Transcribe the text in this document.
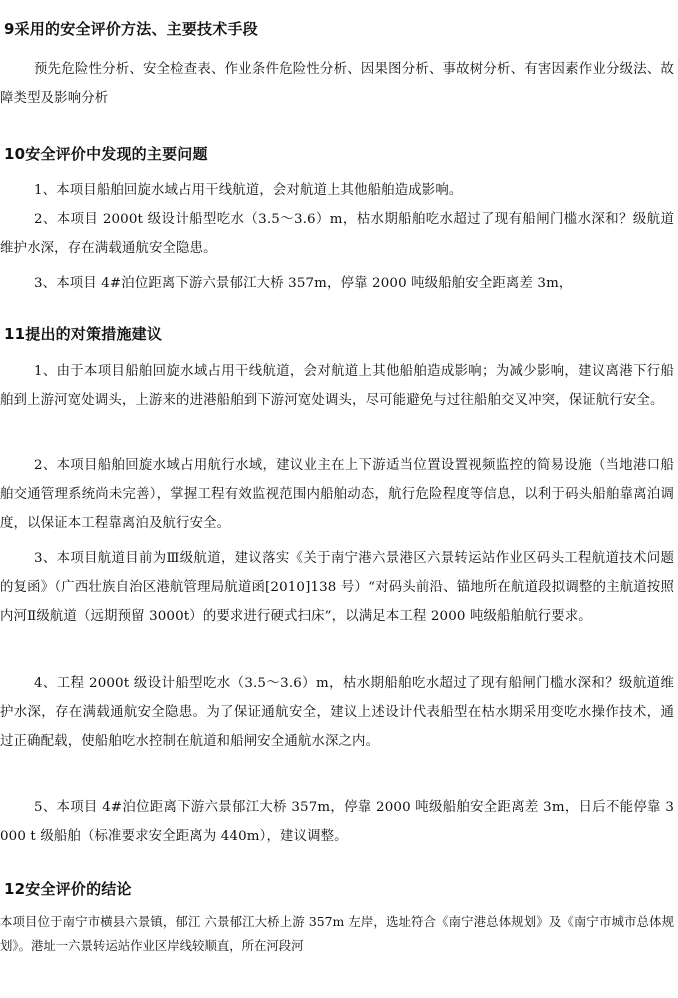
9采用的安全评价方法、主要技术手段
预先危险性分析、安全检查表、作业条件危险性分析、因果图分析、事故树分析、有害因素作业分级法、故障类型及影响分析
10安全评价中发现的主要问题
1、本项目船舶回旋水域占用干线航道，会对航道上其他船舶造成影响。
2、本项目 2000t 级设计船型吃水（3.5～3.6）m，枯水期船舶吃水超过了现有船闸门槛水深和？级航道维护水深，存在满载通航安全隐患。
3、本项目 4#泊位距离下游六景郁江大桥 357m，停靠 2000 吨级船舶安全距离差 3m，
11提出的对策措施建议
1、由于本项目船舶回旋水域占用干线航道，会对航道上其他船舶造成影响；为减少影响，建议离港下行船舶到上游河宽处调头，上游来的进港船舶到下游河宽处调头，尽可能避免与过往船舶交叉冲突，保证航行安全。
2、本项目船舶回旋水域占用航行水域，建议业主在上下游适当位置设置视频监控的简易设施（当地港口船舶交通管理系统尚未完善），掌握工程有效监视范围内船舶动态，航行危险程度等信息，以利于码头船舶靠离泊调度，以保证本工程靠离泊及航行安全。
3、本项目航道目前为Ⅲ级航道，建议落实《关于南宁港六景港区六景转运站作业区码头工程航道技术问题的复函》（广西壮族自治区港航管理局航道函[2010]138 号）“对码头前沿、锚地所在航道段拟调整的主航道按照内河Ⅱ级航道（远期预留 3000t）的要求进行硬式扫床”，以满足本工程 2000 吨级船舶航行要求。
4、工程 2000t 级设计船型吃水（3.5～3.6）m，枯水期船舶吃水超过了现有船闸门槛水深和？级航道维护水深，存在满载通航安全隐患。为了保证通航安全，建议上述设计代表船型在枯水期采用变吃水操作技术，通过正确配载，使船舶吃水控制在航道和船闸安全通航水深之内。
5、本项目 4#泊位距离下游六景郁江大桥 357m，停靠 2000 吨级船舶安全距离差 3m，日后不能停靠 3000 t 级船舶（标准要求安全距离为 440m），建议调整。
12安全评价的结论
本项目位于南宁市横县六景镇，郁江 六景郁江大桥上游 357m 左岸，选址符合《南宁港总体规划》及《南宁市城市总体规划》。港址一六景转运站作业区岸线较顺直，所在河段河
